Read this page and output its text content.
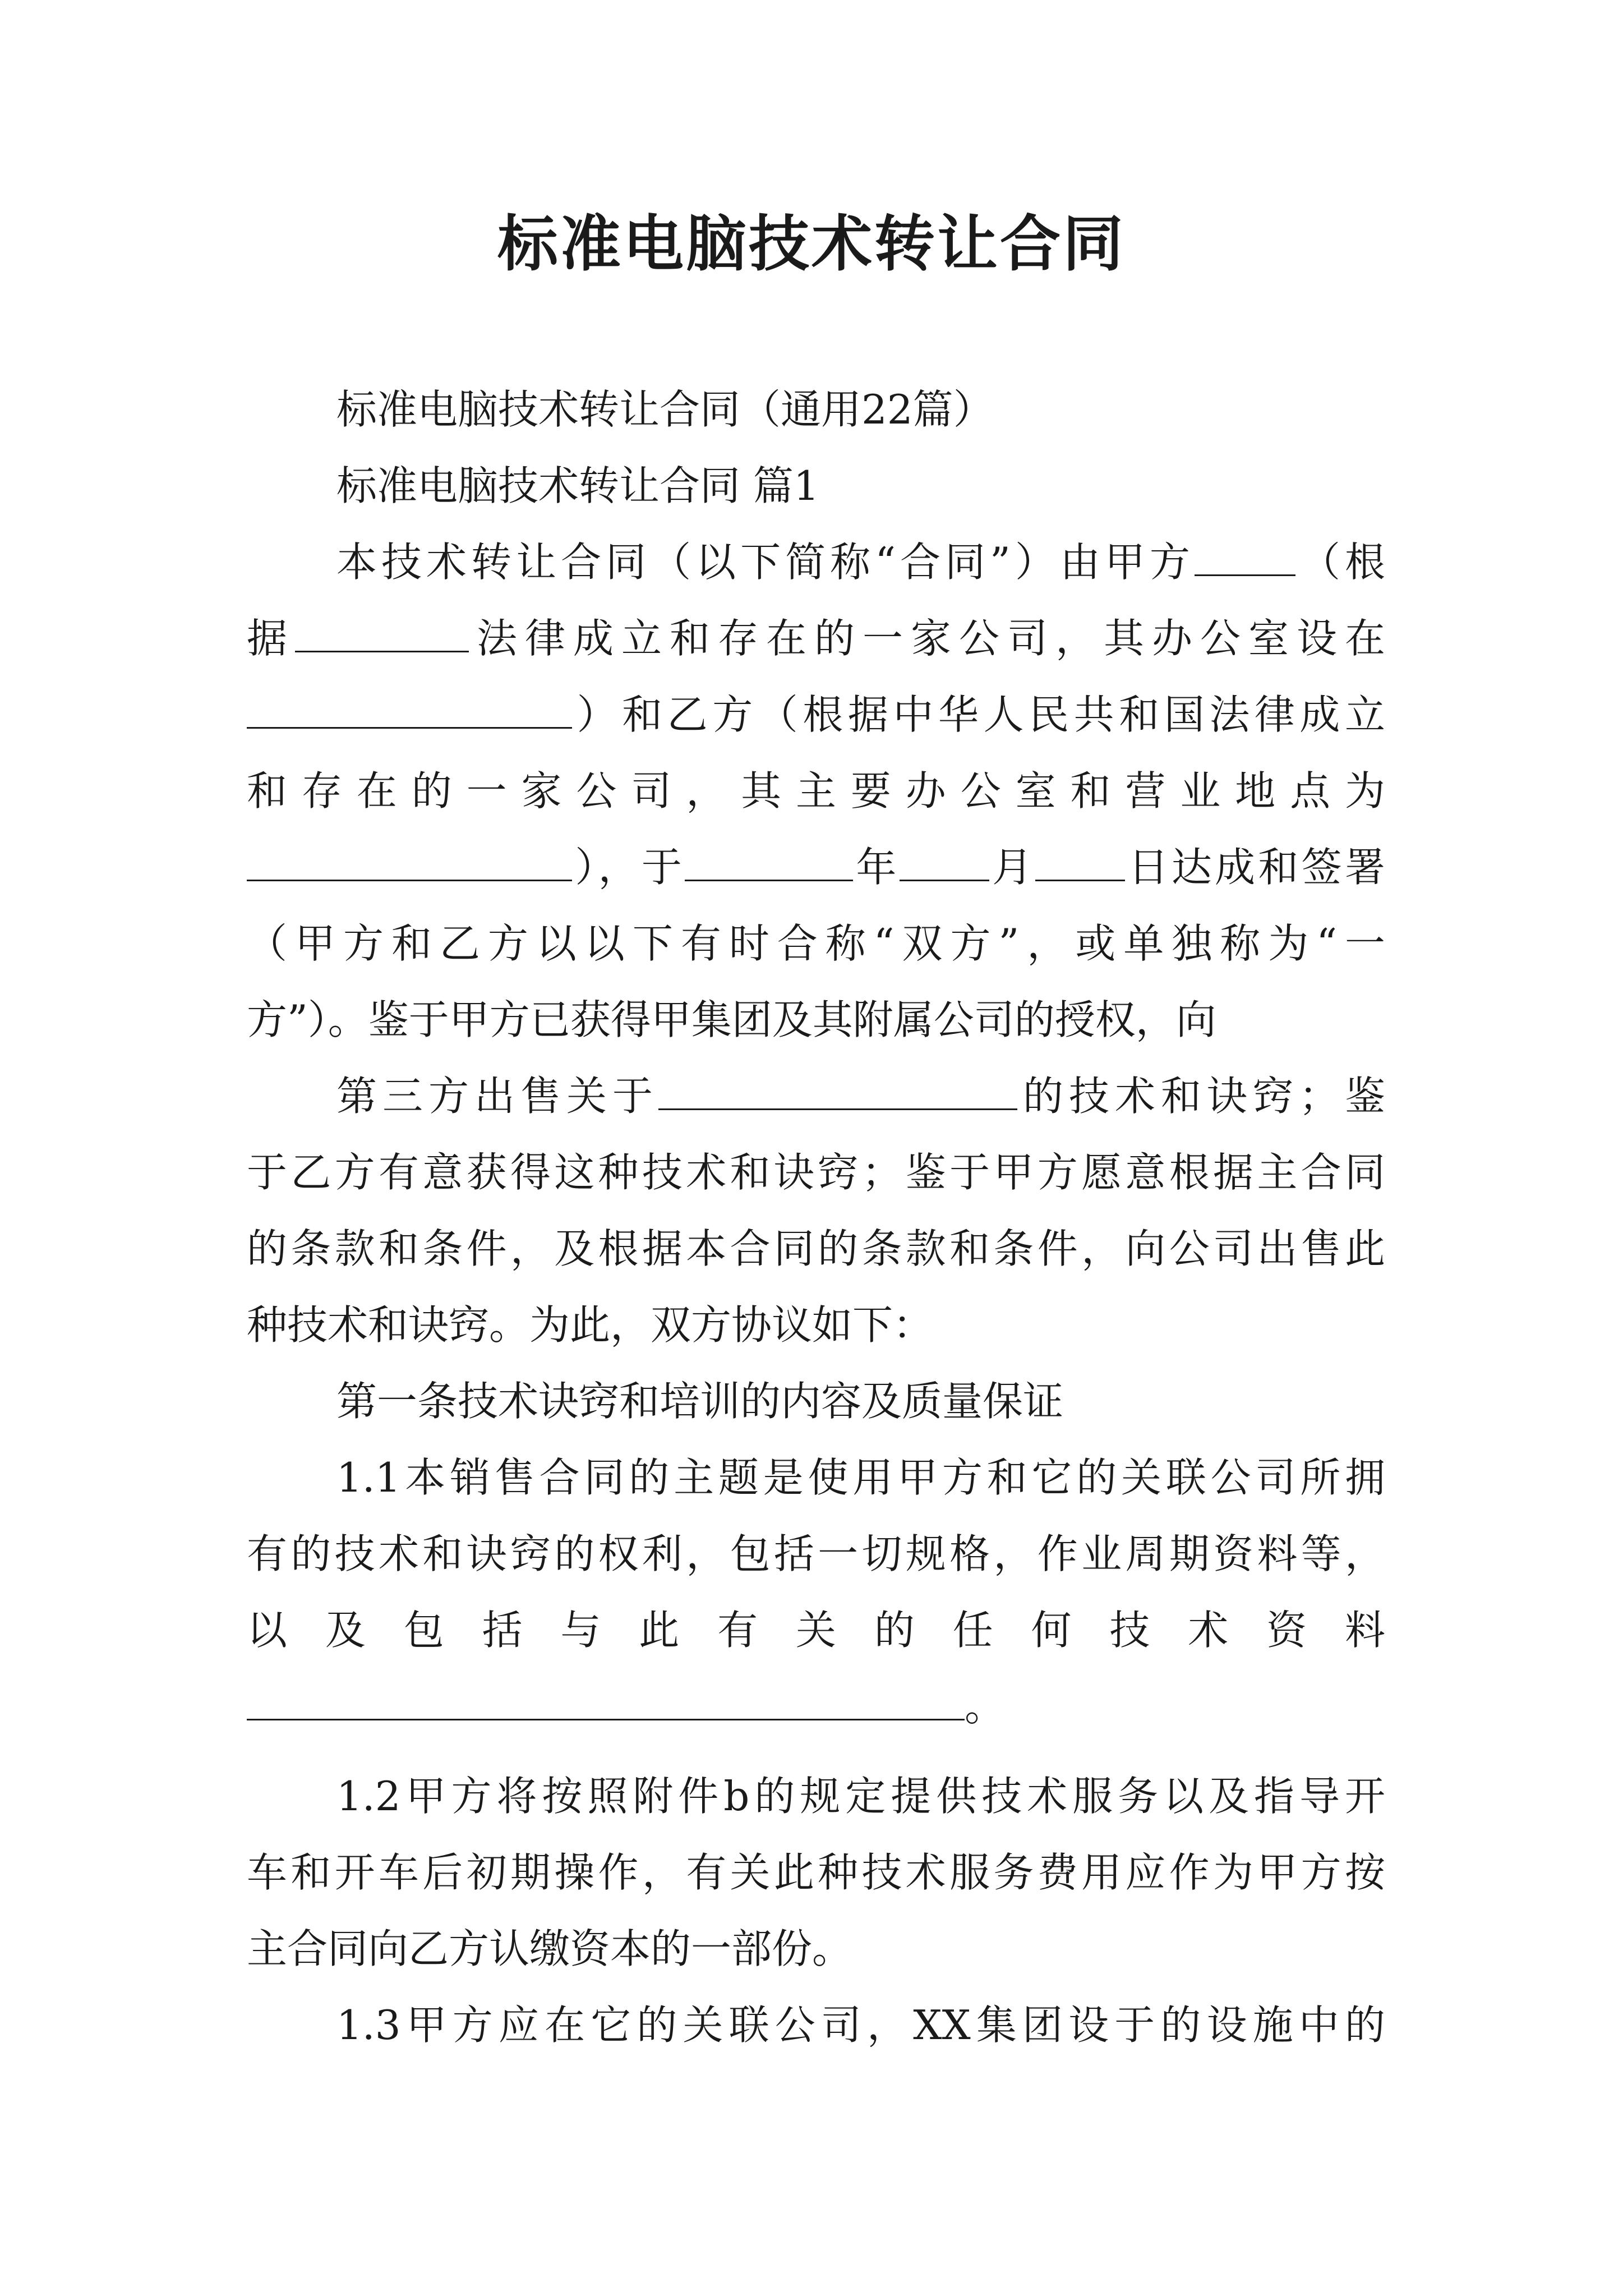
标准电脑技术转让合同

标准电脑技术转让合同（通用22篇）

标准电脑技术转让合同 篇1

本技术转让合同（以下简称“合同”）由甲方	（根

据	法律成立和存在的一家公司，其办公室设在

）和乙方（根据中华人民共和国法律成立

和存在的一家公司，其主要办公室和营业地点为

），于	年 月 日达成和签署

（甲方和乙方以以下有时合称“双方”，或单独称为“一

方”）。鉴于甲方已获得甲集团及其附属公司的授权，向

第三方出售关于	的技术和诀窍；鉴

于乙方有意获得这种技术和诀窍；鉴于甲方愿意根据主合同

的条款和条件，及根据本合同的条款和条件，向公司出售此

种技术和诀窍。为此，双方协议如下：

第一条技术诀窍和培训的内容及质量保证

1.1本销售合同的主题是使用甲方和它的关联公司所拥

有的技术和诀窍的权利，包括一切规格，作业周期资料等，

以及包括与此有关的任何技术资料

。

1.2甲方将按照附件b的规定提供技术服务以及指导开

车和开车后初期操作，有关此种技术服务费用应作为甲方按

主合同向乙方认缴资本的一部份。

1.3甲方应在它的关联公司，XX集团设于的设施中的
